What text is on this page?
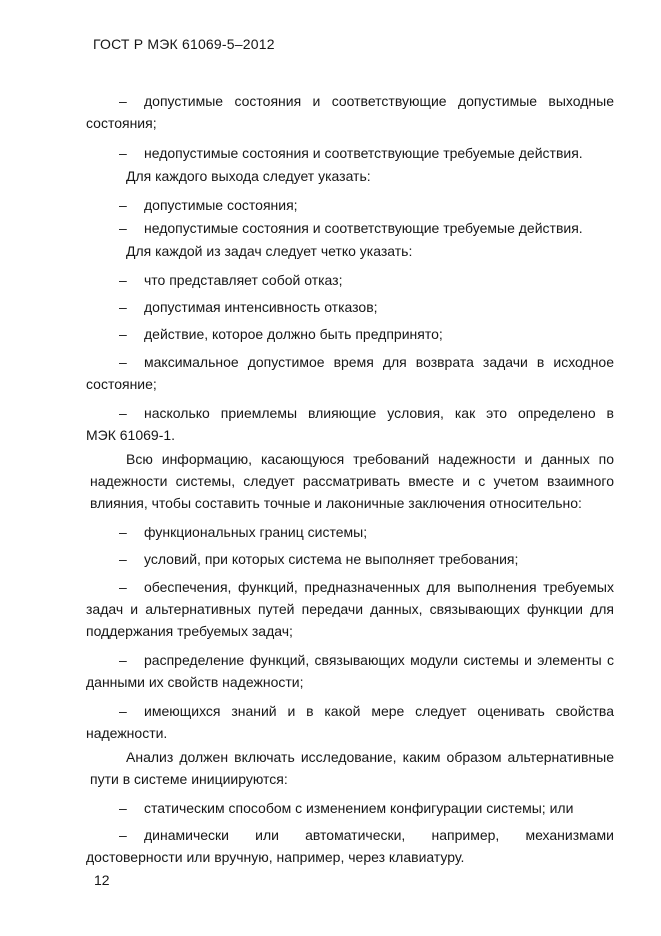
ГОСТ Р МЭК 61069-5–2012
– допустимые состояния и соответствующие допустимые выходные
состояния;
– недопустимые состояния и соответствующие требуемые действия.
Для каждого выхода следует указать:
– допустимые состояния;
– недопустимые состояния и соответствующие требуемые действия.
Для каждой из задач следует четко указать:
– что представляет собой отказ;
– допустимая интенсивность отказов;
– действие, которое должно быть предпринято;
– максимальное допустимое время для возврата задачи в исходное
состояние;
– насколько приемлемы влияющие условия, как это определено в
МЭК 61069-1.
Всю информацию, касающуюся требований надежности и данных по
надежности системы, следует рассматривать вместе и с учетом взаимного
влияния, чтобы составить точные и лаконичные заключения относительно:
– функциональных границ системы;
– условий, при которых система не выполняет требования;
– обеспечения, функций, предназначенных для выполнения требуемых
задач и альтернативных путей передачи данных, связывающих функции для
поддержания требуемых задач;
– распределение функций, связывающих модули системы и элементы с
данными их свойств надежности;
– имеющихся знаний и в какой мере следует оценивать свойства
надежности.
Анализ должен включать исследование, каким образом альтернативные
пути в системе инициируются:
– статическим способом с изменением конфигурации системы; или
– динамически или автоматически, например, механизмами
достоверности или вручную, например, через клавиатуру.
12
